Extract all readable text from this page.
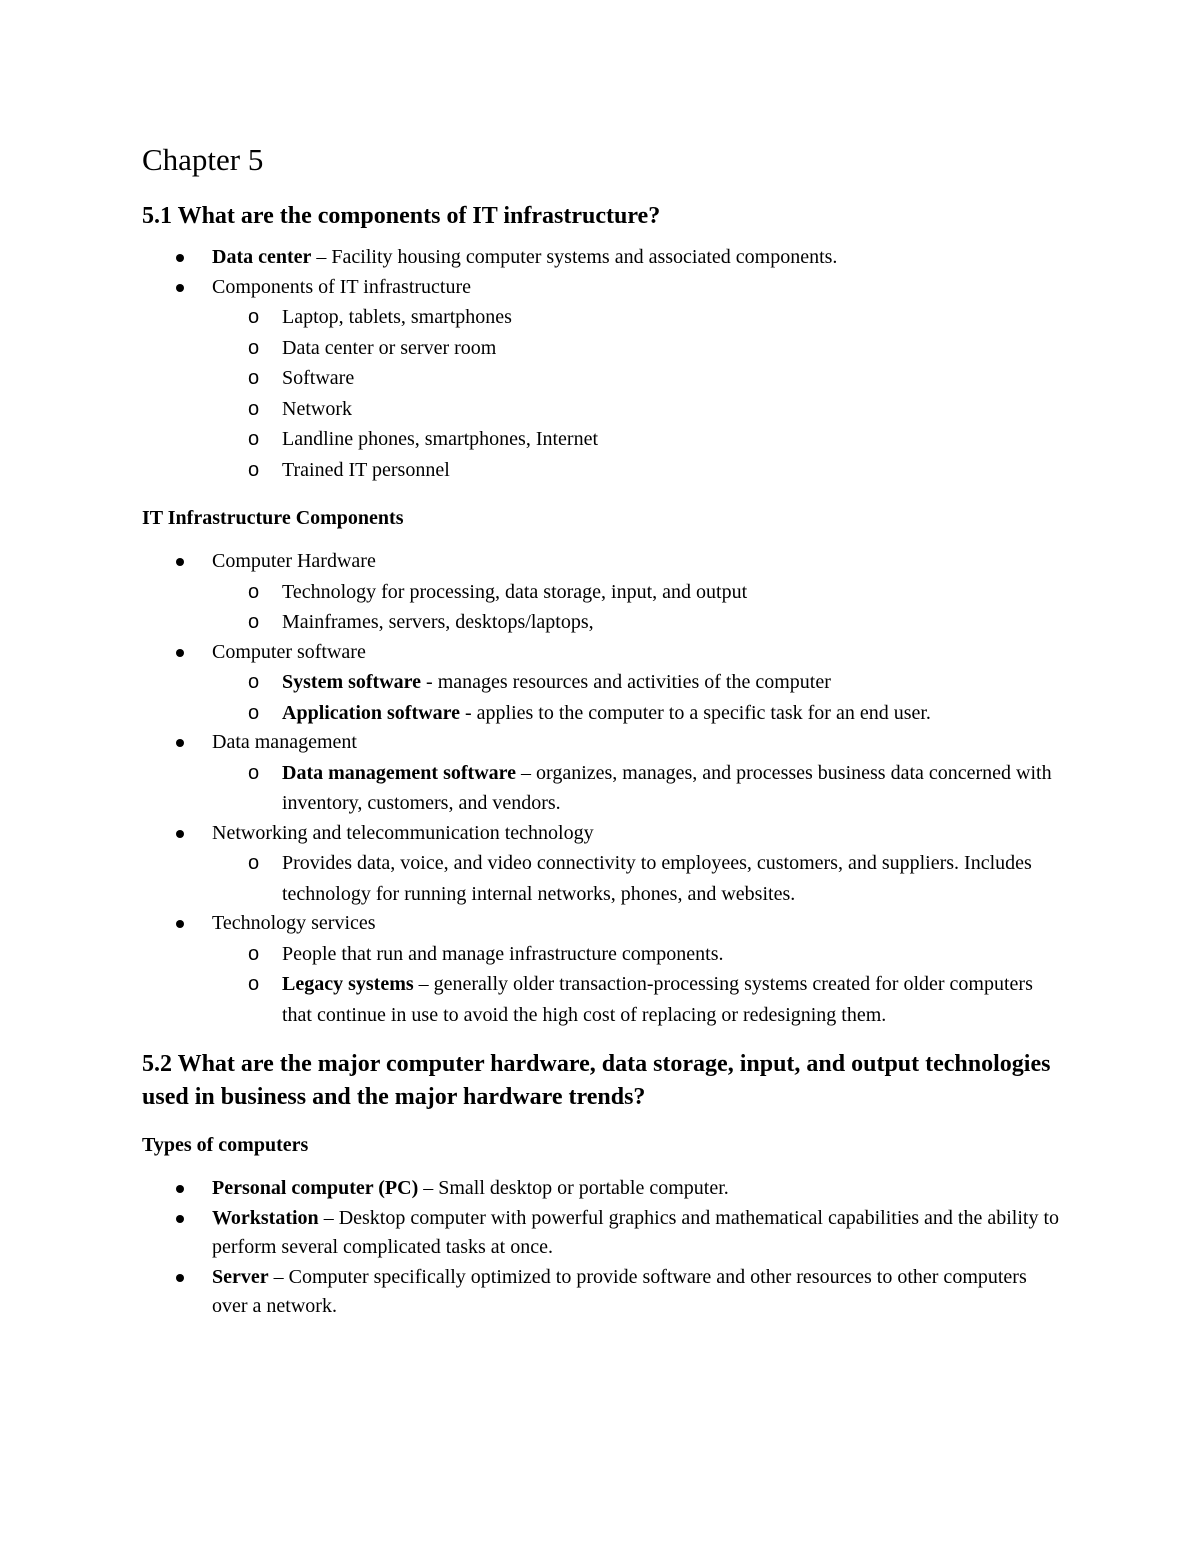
Chapter 5
5.1 What are the components of IT infrastructure?
Data center – Facility housing computer systems and associated components.
Components of IT infrastructure
o Laptop, tablets, smartphones
o Data center or server room
o Software
o Network
o Landline phones, smartphones, Internet
o Trained IT personnel
IT Infrastructure Components
Computer Hardware
o Technology for processing, data storage, input, and output
o Mainframes, servers, desktops/laptops,
Computer software
o System software - manages resources and activities of the computer
o Application software - applies to the computer to a specific task for an end user.
Data management
o Data management software – organizes, manages, and processes business data concerned with inventory, customers, and vendors.
Networking and telecommunication technology
o Provides data, voice, and video connectivity to employees, customers, and suppliers. Includes technology for running internal networks, phones, and websites.
Technology services
o People that run and manage infrastructure components.
o Legacy systems – generally older transaction-processing systems created for older computers that continue in use to avoid the high cost of replacing or redesigning them.
5.2 What are the major computer hardware, data storage, input, and output technologies used in business and the major hardware trends?
Types of computers
Personal computer (PC) – Small desktop or portable computer.
Workstation – Desktop computer with powerful graphics and mathematical capabilities and the ability to perform several complicated tasks at once.
Server – Computer specifically optimized to provide software and other resources to other computers over a network.
